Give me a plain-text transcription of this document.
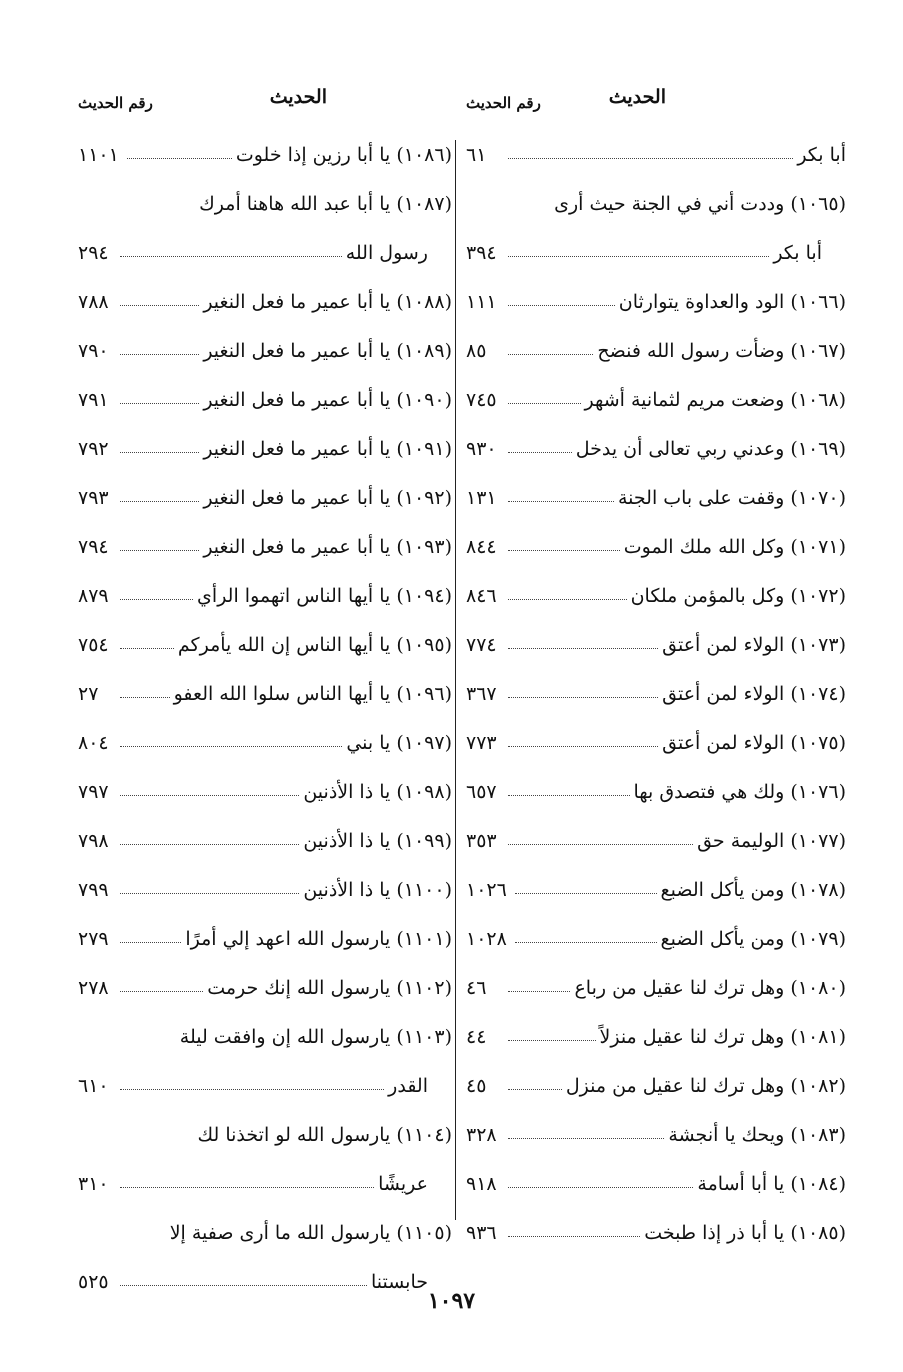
الحديث
رقم الحديث
أبا بكر
٦١
(١٠٦٥) وددت أني في الجنة حيث أرى
أبا بكر
٣٩٤
(١٠٦٦) الود والعداوة يتوارثان
١١١
(١٠٦٧) وضأت رسول الله فنضح
٨٥
(١٠٦٨) وضعت مريم لثمانية أشهر
٧٤٥
(١٠٦٩) وعدني ربي تعالى أن يدخل
٩٣٠
(١٠٧٠) وقفت على باب الجنة
١٣١
(١٠٧١) وكل الله ملك الموت
٨٤٤
(١٠٧٢) وكل بالمؤمن ملكان
٨٤٦
(١٠٧٣) الولاء لمن أعتق
٧٧٤
(١٠٧٤) الولاء لمن أعتق
٣٦٧
(١٠٧٥) الولاء لمن أعتق
٧٧٣
(١٠٧٦) ولك هي فتصدق بها
٦٥٧
(١٠٧٧) الوليمة حق
٣٥٣
(١٠٧٨) ومن يأكل الضبع
١٠٢٦
(١٠٧٩) ومن يأكل الضبع
١٠٢٨
(١٠٨٠) وهل ترك لنا عقيل من رباع
٤٦
(١٠٨١) وهل ترك لنا عقيل منزلاً
٤٤
(١٠٨٢) وهل ترك لنا عقيل من منزل
٤٥
(١٠٨٣) ويحك يا أنجشة
٣٢٨
(١٠٨٤) يا أبا أسامة
٩١٨
(١٠٨٥) يا أبا ذر إذا طبخت
٩٣٦
الحديث
رقم الحديث
(١٠٨٦) يا أبا رزين إذا خلوت
١١٠١
(١٠٨٧) يا أبا عبد الله هاهنا أمرك
رسول الله
٢٩٤
(١٠٨٨) يا أبا عمير ما فعل النغير
٧٨٨
(١٠٨٩) يا أبا عمير ما فعل النغير
٧٩٠
(١٠٩٠) يا أبا عمير ما فعل النغير
٧٩١
(١٠٩١) يا أبا عمير ما فعل النغير
٧٩٢
(١٠٩٢) يا أبا عمير ما فعل النغير
٧٩٣
(١٠٩٣) يا أبا عمير ما فعل النغير
٧٩٤
(١٠٩٤) يا أيها الناس اتهموا الرأي
٨٧٩
(١٠٩٥) يا أيها الناس إن الله يأمركم
٧٥٤
(١٠٩٦) يا أيها الناس سلوا الله العفو
٢٧
(١٠٩٧) يا بني
٨٠٤
(١٠٩٨) يا ذا الأذنين
٧٩٧
(١٠٩٩) يا ذا الأذنين
٧٩٨
(١١٠٠) يا ذا الأذنين
٧٩٩
(١١٠١) يارسول الله اعهد إلي أمرًا
٢٧٩
(١١٠٢) يارسول الله إنك حرمت
٢٧٨
(١١٠٣) يارسول الله إن وافقت ليلة
القدر
٦١٠
(١١٠٤) يارسول الله لو اتخذنا لك
عريشًا
٣١٠
(١١٠٥) يارسول الله ما أرى صفية إلا
حابستنا
٥٢٥
١٠٩٧
